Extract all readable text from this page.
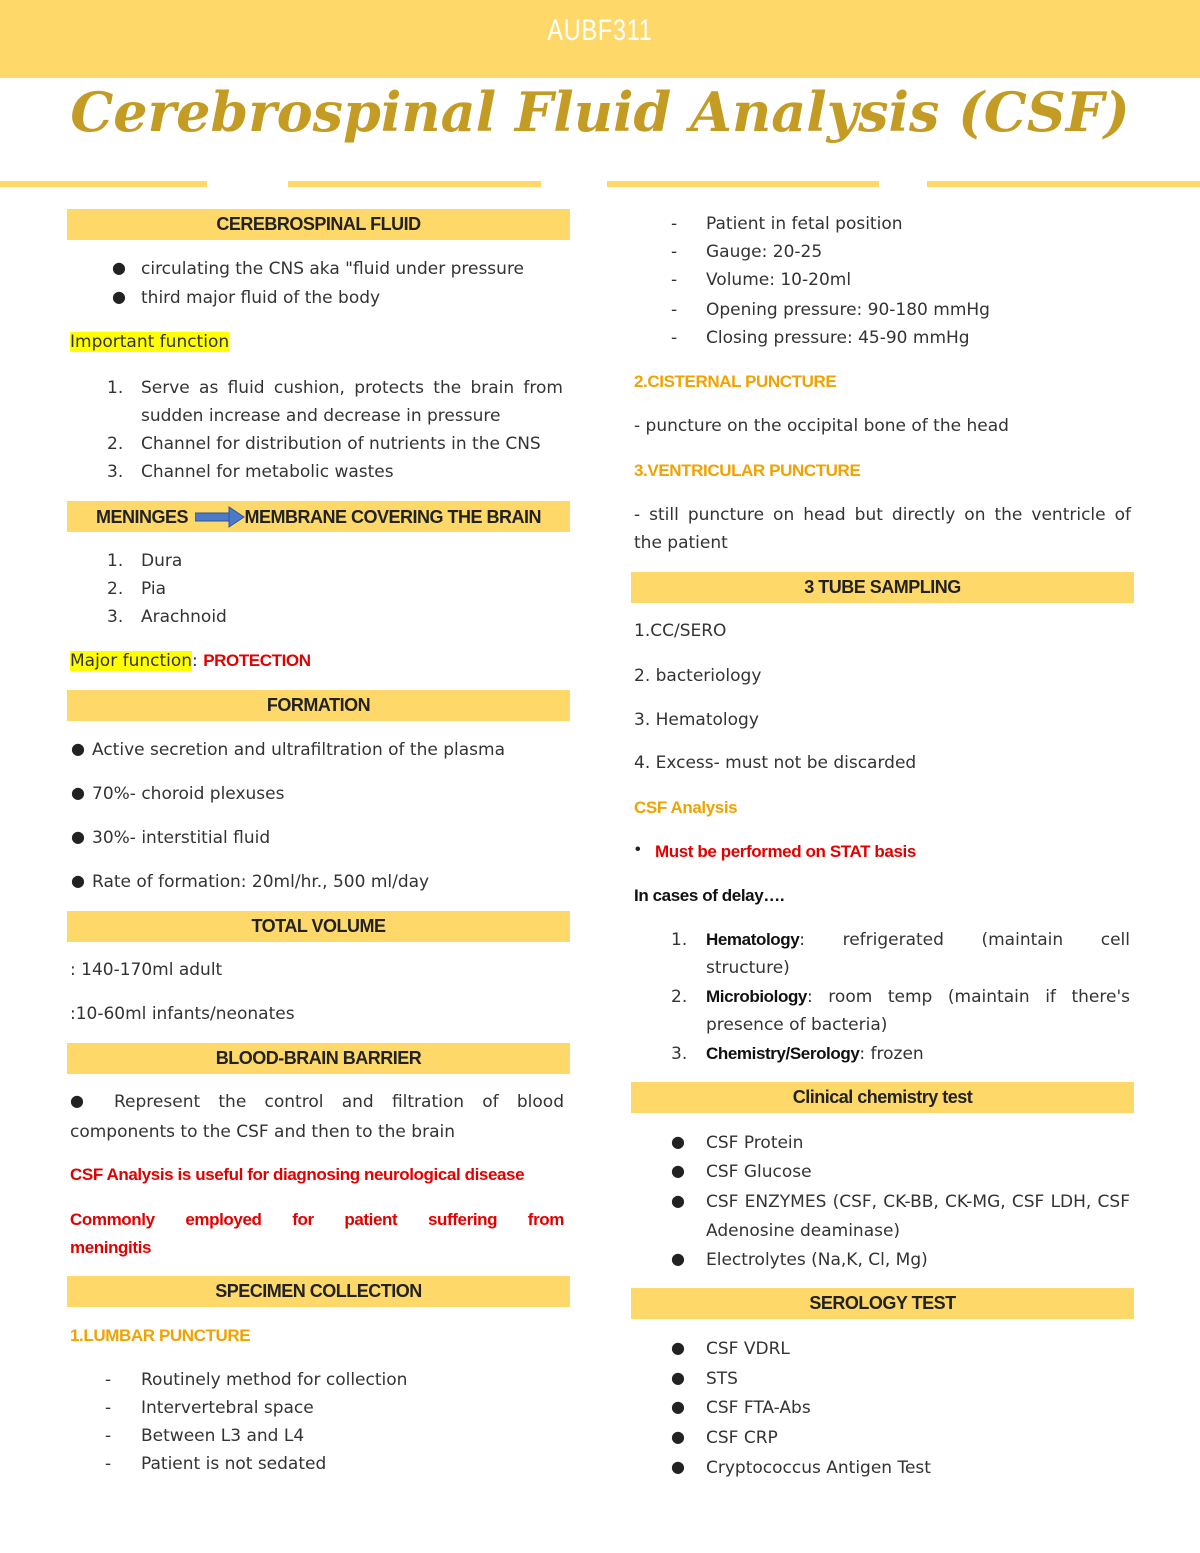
AUBF311
Cerebrospinal Fluid Analysis (CSF)
CEREBROSPINAL FLUID
● circulating the CNS aka "fluid under pressure
● third major fluid of the body
Important function
1. Serve as fluid cushion, protects the brain from
sudden increase and decrease in pressure
2. Channel for distribution of nutrients in the CNS
3. Channel for metabolic wastes
MENINGES	MEMBRANE COVERING THE BRAIN
1. Dura
2. Pia
3. Arachnoid
Major function: PROTECTION
FORMATION
● Active secretion and ultrafiltration of the plasma
● 70%- choroid plexuses
● 30%- interstitial fluid
● Rate of formation: 20ml/hr., 500 ml/day
TOTAL VOLUME
: 140-170ml adult
:10-60ml infants/neonates
BLOOD-BRAIN BARRIER
● Represent the control and filtration of blood
components to the CSF and then to the brain
CSF Analysis is useful for diagnosing neurological disease
Commonly employed for patient suffering from
meningitis
SPECIMEN COLLECTION
1.LUMBAR PUNCTURE
- Routinely method for collection
- Intervertebral space
- Between L3 and L4
- Patient is not sedated
- Patient in fetal position
- Gauge: 20-25
- Volume: 10-20ml
- Opening pressure: 90-180 mmHg
- Closing pressure: 45-90 mmHg
2.CISTERNAL PUNCTURE
- puncture on the occipital bone of the head
3.VENTRICULAR PUNCTURE
- still puncture on head but directly on the ventricle of
the patient
3 TUBE SAMPLING
1.CC/SERO
2. bacteriology
3. Hematology
4. Excess- must not be discarded
CSF Analysis
• Must be performed on STAT basis
In cases of delay….
1. Hematology: refrigerated (maintain cell
structure)
2. Microbiology: room temp (maintain if there's
presence of bacteria)
3. Chemistry/Serology: frozen
Clinical chemistry test
● CSF Protein
● CSF Glucose
● CSF ENZYMES (CSF, CK-BB, CK-MG, CSF LDH, CSF
Adenosine deaminase)
● Electrolytes (Na,K, Cl, Mg)
SEROLOGY TEST
● CSF VDRL
● STS
● CSF FTA-Abs
● CSF CRP
● Cryptococcus Antigen Test
